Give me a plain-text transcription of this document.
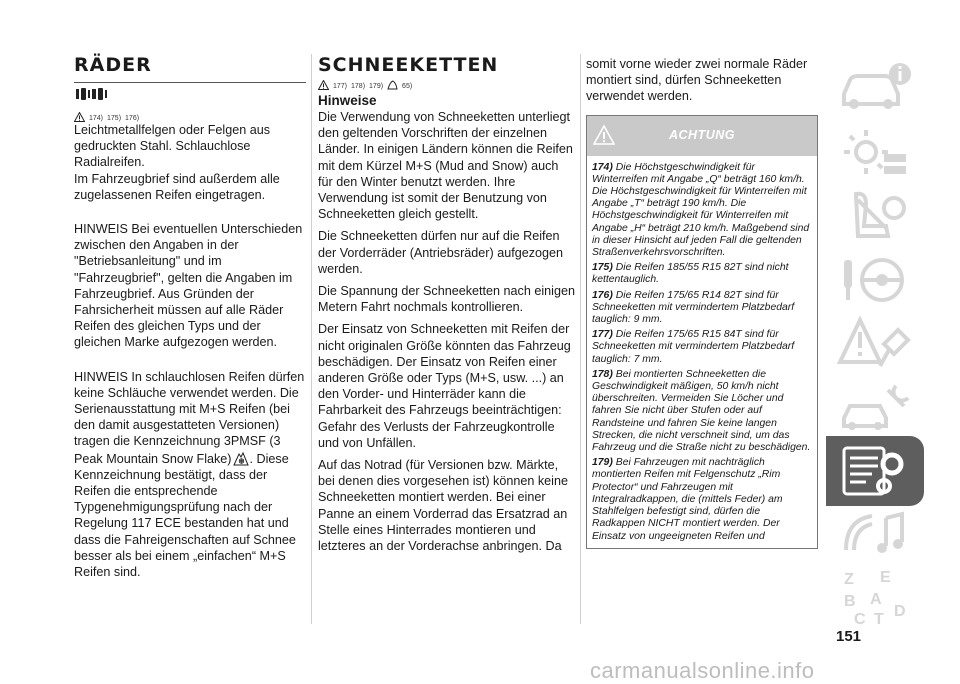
RÄDER
174) 175) 176)

Leichtmetallfelgen oder Felgen aus gedruckten Stahl. Schlauchlose Radialreifen.

Im Fahrzeugbrief sind außerdem alle zugelassenen Reifen eingetragen.

HINWEIS Bei eventuellen Unterschieden zwischen den Angaben in der "Betriebsanleitung" und im "Fahrzeugbrief", gelten die Angaben im Fahrzeugbrief. Aus Gründen der Fahrsicherheit müssen auf alle Räder Reifen des gleichen Typs und der gleichen Marke aufgezogen werden.

HINWEIS In schlauchlosen Reifen dürfen keine Schläuche verwendet werden. Die Serienausstattung mit M+S Reifen (bei den damit ausgestatteten Versionen) tragen die Kennzeichnung 3PMSF (3 Peak Mountain Snow Flake) . Diese Kennzeichnung bestätigt, dass der Reifen die entsprechende Typgenehmigungsprüfung nach der Regelung 117 ECE bestanden hat und dass die Fahreigenschaften auf Schnee besser als bei einem „einfachen“ M+S Reifen sind.

SCHNEEKETTEN
177) 178) 179)	65)
Hinweise

Die Verwendung von Schneeketten unterliegt den geltenden Vorschriften der einzelnen Länder. In einigen Ländern können die Reifen mit dem Kürzel M+S (Mud and Snow) auch für den Winter benutzt werden. Ihre Verwendung ist somit der Benutzung von Schneeketten gleich gestellt.

Die Schneeketten dürfen nur auf die Reifen der Vorderräder (Antriebsräder) aufgezogen werden.

Die Spannung der Schneeketten nach einigen Metern Fahrt nochmals kontrollieren.

Der Einsatz von Schneeketten mit Reifen der nicht originalen Größe könnten das Fahrzeug beschädigen. Der Einsatz von Reifen einer anderen Größe oder Typs (M+S, usw. ...) an den Vorder- und Hinterräder kann die Fahrbarkeit des Fahrzeugs beeinträchtigen: Gefahr des Verlusts der Fahrzeugkontrolle und von Unfällen.

Auf das Notrad (für Versionen bzw. Märkte, bei denen dies vorgesehen ist) können keine Schneeketten montiert werden. Bei einer Panne an einem Vorderrad das Ersatzrad an Stelle eines Hinterrades montieren und letzteres an der Vorderachse anbringen. Da

somit vorne wieder zwei normale Räder montiert sind, dürfen Schneeketten verwendet werden.

ACHTUNG

174) Die Höchstgeschwindigkeit für Winterreifen mit Angabe „Q“ beträgt 160 km/h. Die Höchstgeschwindigkeit für Winterreifen mit Angabe „T“ beträgt 190 km/h. Die Höchstgeschwindigkeit für Winterreifen mit Angabe „H“ beträgt 210 km/h. Maßgebend sind in dieser Hinsicht auf jeden Fall die geltenden Straßenverkehrsvorschriften.

175) Die Reifen 185/55 R15 82T sind nicht kettentauglich.

176) Die Reifen 175/65 R14 82T sind für Schneeketten mit vermindertem Platzbedarf tauglich: 9 mm.

177) Die Reifen 175/65 R15 84T sind für Schneeketten mit vermindertem Platzbedarf tauglich: 7 mm.

178) Bei montierten Schneeketten die Geschwindigkeit mäßigen, 50 km/h nicht überschreiten. Vermeiden Sie Löcher und fahren Sie nicht über Stufen oder auf Randsteine und fahren Sie keine langen Strecken, die nicht verschneit sind, um das Fahrzeug und die Straße nicht zu beschädigen.

179) Bei Fahrzeugen mit nachträglich montierten Reifen mit Felgenschutz „Rim Protector“ und Fahrzeugen mit Integralradkappen, die (mittels Feder) am Stahlfelgen befestigt sind, dürfen die Radkappen NICHT montiert werden. Der Einsatz von ungeeigneten Reifen und

Z E
B A
C T D
151
carmanualsonline.info
